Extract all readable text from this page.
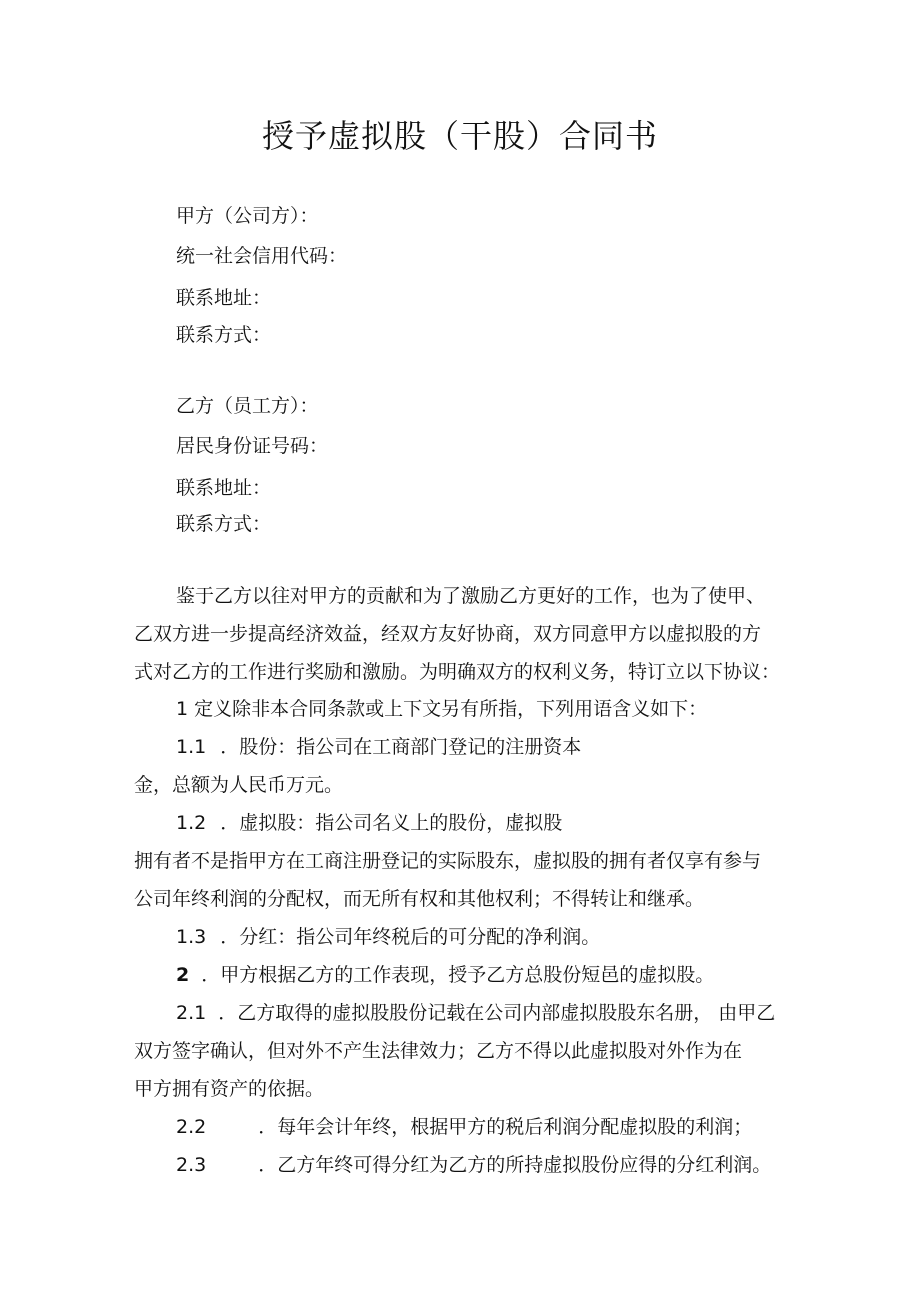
授予虚拟股（干股）合同书
甲方（公司方）：
统一社会信用代码：
联系地址：
联系方式：
乙方（员工方）：
居民身份证号码：
联系地址：
联系方式：
鉴于乙方以往对甲方的贡献和为了激励乙方更好的工作，也为了使甲、
乙双方进一步提高经济效益，经双方友好协商，双方同意甲方以虚拟股的方
式对乙方的工作进行奖励和激励。为明确双方的权利义务，特订立以下协议：
1 定义除非本合同条款或上下文另有所指，下列用语含义如下：
1.1 ．股份：指公司在工商部门登记的注册资本
金，总额为人民币万元。
1.2 ．虚拟股：指公司名义上的股份，虚拟股
拥有者不是指甲方在工商注册登记的实际股东，虚拟股的拥有者仅享有参与
公司年终利润的分配权，而无所有权和其他权利；不得转让和继承。
1.3 ．分红：指公司年终税后的可分配的净利润。
2 ．甲方根据乙方的工作表现，授予乙方总股份短邑的虚拟股。
2.1 ．乙方取得的虚拟股股份记载在公司内部虚拟股股东名册， 由甲乙
双方签字确认，但对外不产生法律效力；乙方不得以此虚拟股对外作为在
甲方拥有资产的依据。
2.2	．每年会计年终，根据甲方的税后利润分配虚拟股的利润；
2.3	．乙方年终可得分红为乙方的所持虚拟股份应得的分红利润。
